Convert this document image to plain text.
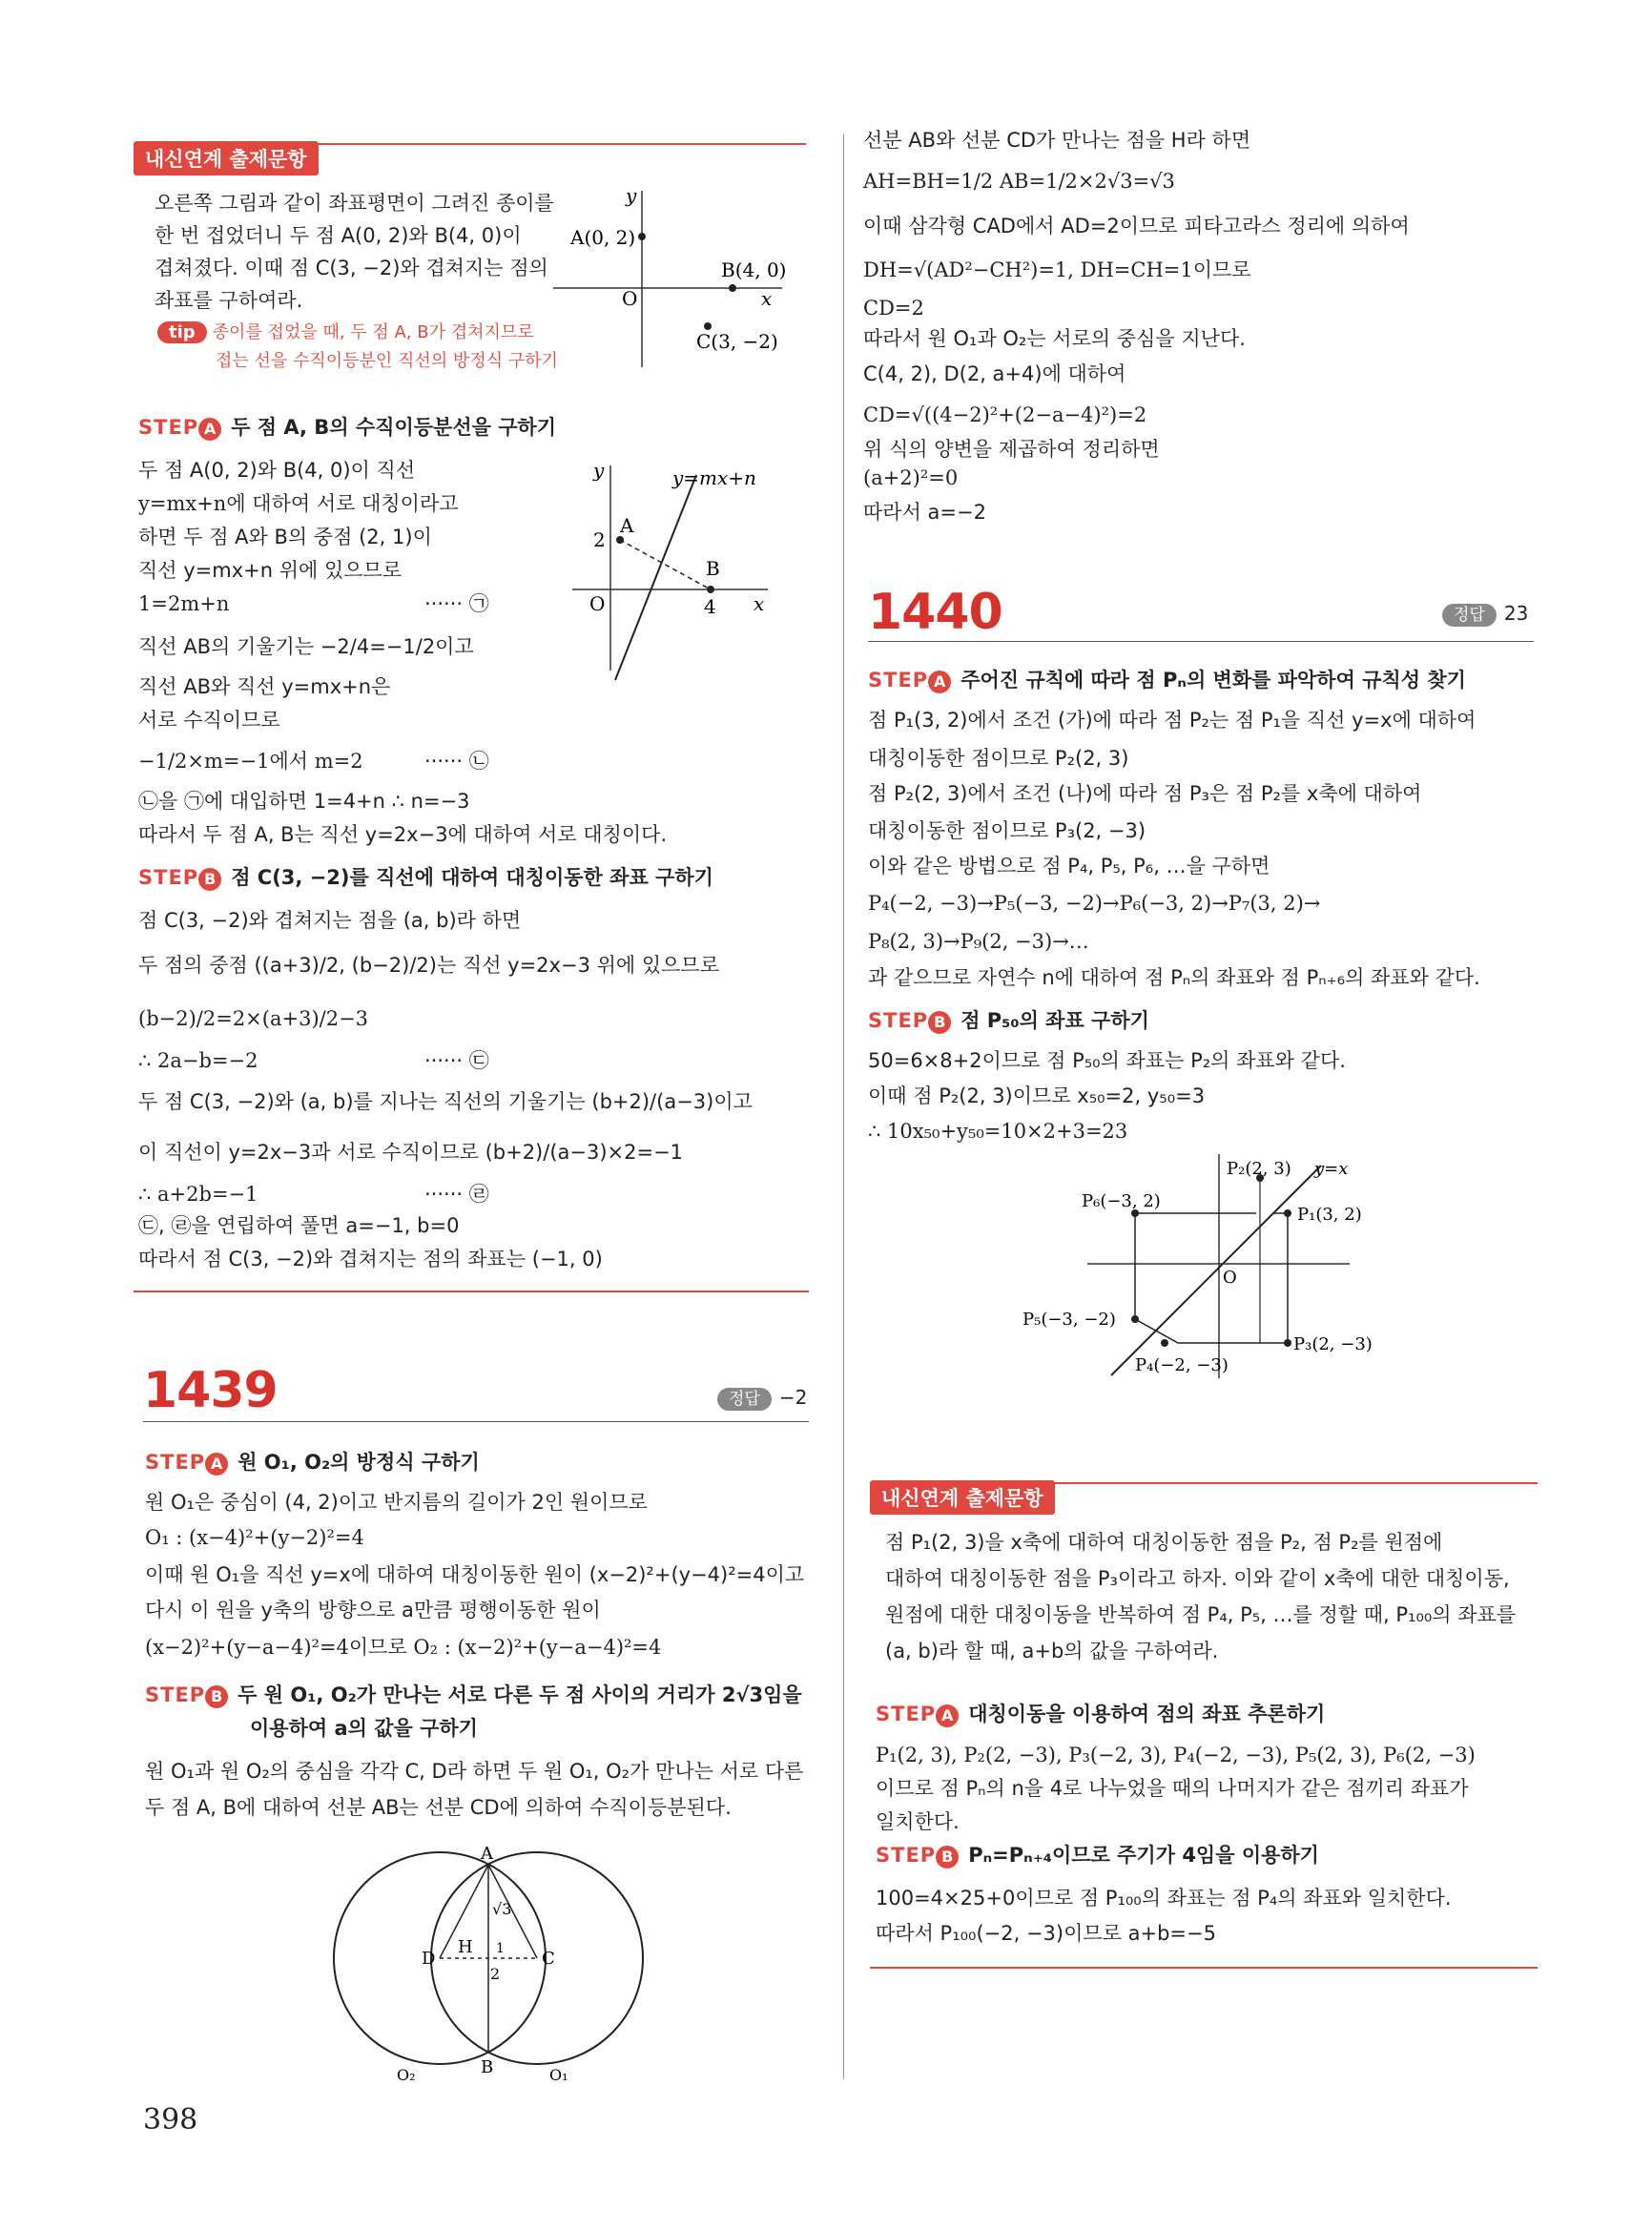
내신연계 출제문항
오른쪽 그림과 같이 좌표평면이 그려진 종이를
한 번 접었더니 두 점 A(0, 2)와 B(4, 0)이
겹쳐졌다. 이때 점 C(3, −2)와 겹쳐지는 점의
좌표를 구하여라.
tip 종이를 접었을 때, 두 점 A, B가 겹쳐지므로
접는 선을 수직이등분인 직선의 방정식 구하기
A(0, 2)
B(4, 0)
C(3, −2)
O	x
y
STEP A 두 점 A, B의 수직이등분선을 구하기
두 점 A(0, 2)와 B(4, 0)이 직선
y=mx+n에 대하여 서로 대칭이라고
하면 두 점 A와 B의 중점 (2, 1)이
직선 y=mx+n 위에 있으므로
1=2m+n	······ ㉠
직선 AB의 기울기는 −2/4=−1/2이고
직선 AB와 직선 y=mx+n은
서로 수직이므로
−1/2×m=−1에서 m=2	······ ㉡
㉡을 ㉠에 대입하면 1=4+n ∴ n=−3
따라서 두 점 A, B는 직선 y=2x−3에 대하여 서로 대칭이다.
y=mx+n
A
B
2
4
O	x
y
STEP B 점 C(3, −2)를 직선에 대하여 대칭이동한 좌표 구하기
점 C(3, −2)와 겹쳐지는 점을 (a, b)라 하면
두 점의 중점 ((a+3)/2, (b−2)/2)는 직선 y=2x−3 위에 있으므로
(b−2)/2=2×(a+3)/2−3
∴ 2a−b=−2	······ ㉢
두 점 C(3, −2)와 (a, b)를 지나는 직선의 기울기는 (b+2)/(a−3)이고
이 직선이 y=2x−3과 서로 수직이므로 (b+2)/(a−3)×2=−1
∴ a+2b=−1	······ ㉣
㉢, ㉣을 연립하여 풀면 a=−1, b=0
따라서 점 C(3, −2)와 겹쳐지는 점의 좌표는 (−1, 0)
1439	정답 −2
STEP A 원 O₁, O₂의 방정식 구하기
원 O₁은 중심이 (4, 2)이고 반지름의 길이가 2인 원이므로
O₁ : (x−4)²+(y−2)²=4
이때 원 O₁을 직선 y=x에 대하여 대칭이동한 원이 (x−2)²+(y−4)²=4이고
다시 이 원을 y축의 방향으로 a만큼 평행이동한 원이
(x−2)²+(y−a−4)²=4이므로 O₂ : (x−2)²+(y−a−4)²=4
STEP B 두 원 O₁, O₂가 만나는 서로 다른 두 점 사이의 거리가 2√3임을
이용하여 a의 값을 구하기
원 O₁과 원 O₂의 중심을 각각 C, D라 하면 두 원 O₁, O₂가 만나는 서로 다른
두 점 A, B에 대하여 선분 AB는 선분 CD에 의하여 수직이등분된다.
A
B
C
D
H
√3
1
2
O₁
O₂
398
선분 AB와 선분 CD가 만나는 점을 H라 하면
AH=BH=1/2 AB=1/2×2√3=√3
이때 삼각형 CAD에서 AD=2이므로 피타고라스 정리에 의하여
DH=√(AD²−CH²)=1, DH=CH=1이므로
CD=2
따라서 원 O₁과 O₂는 서로의 중심을 지난다.
C(4, 2), D(2, a+4)에 대하여
CD=√((4−2)²+(2−a−4)²)=2
위 식의 양변을 제곱하여 정리하면
(a+2)²=0
따라서 a=−2
1440	정답 23
STEP A 주어진 규칙에 따라 점 Pₙ의 변화를 파악하여 규칙성 찾기
점 P₁(3, 2)에서 조건 (가)에 따라 점 P₂는 점 P₁을 직선 y=x에 대하여
대칭이동한 점이므로 P₂(2, 3)
점 P₂(2, 3)에서 조건 (나)에 따라 점 P₃은 점 P₂를 x축에 대하여
대칭이동한 점이므로 P₃(2, −3)
이와 같은 방법으로 점 P₄, P₅, P₆, …을 구하면
P₄(−2, −3)→P₅(−3, −2)→P₆(−3, 2)→P₇(3, 2)→
P₈(2, 3)→P₉(2, −3)→…
과 같으므로 자연수 n에 대하여 점 Pₙ의 좌표와 점 Pₙ₊₆의 좌표와 같다.
STEP B 점 P₅₀의 좌표 구하기
50=6×8+2이므로 점 P₅₀의 좌표는 P₂의 좌표와 같다.
이때 점 P₂(2, 3)이므로 x₅₀=2, y₅₀=3
∴ 10x₅₀+y₅₀=10×2+3=23
P₂(2, 3) y=x
P₁(3, 2)
P₆(−3, 2)
O
P₅(−3, −2)
P₃(2, −3)
P₄(−2, −3)
내신연계 출제문항
점 P₁(2, 3)을 x축에 대하여 대칭이동한 점을 P₂, 점 P₂를 원점에
대하여 대칭이동한 점을 P₃이라고 하자. 이와 같이 x축에 대한 대칭이동,
원점에 대한 대칭이동을 반복하여 점 P₄, P₅, …를 정할 때, P₁₀₀의 좌표를
(a, b)라 할 때, a+b의 값을 구하여라.
STEP A 대칭이동을 이용하여 점의 좌표 추론하기
P₁(2, 3), P₂(2, −3), P₃(−2, 3), P₄(−2, −3), P₅(2, 3), P₆(2, −3)
이므로 점 Pₙ의 n을 4로 나누었을 때의 나머지가 같은 점끼리 좌표가
일치한다.
STEP B Pₙ=Pₙ₊₄이므로 주기가 4임을 이용하기
100=4×25+0이므로 점 P₁₀₀의 좌표는 점 P₄의 좌표와 일치한다.
따라서 P₁₀₀(−2, −3)이므로 a+b=−5
